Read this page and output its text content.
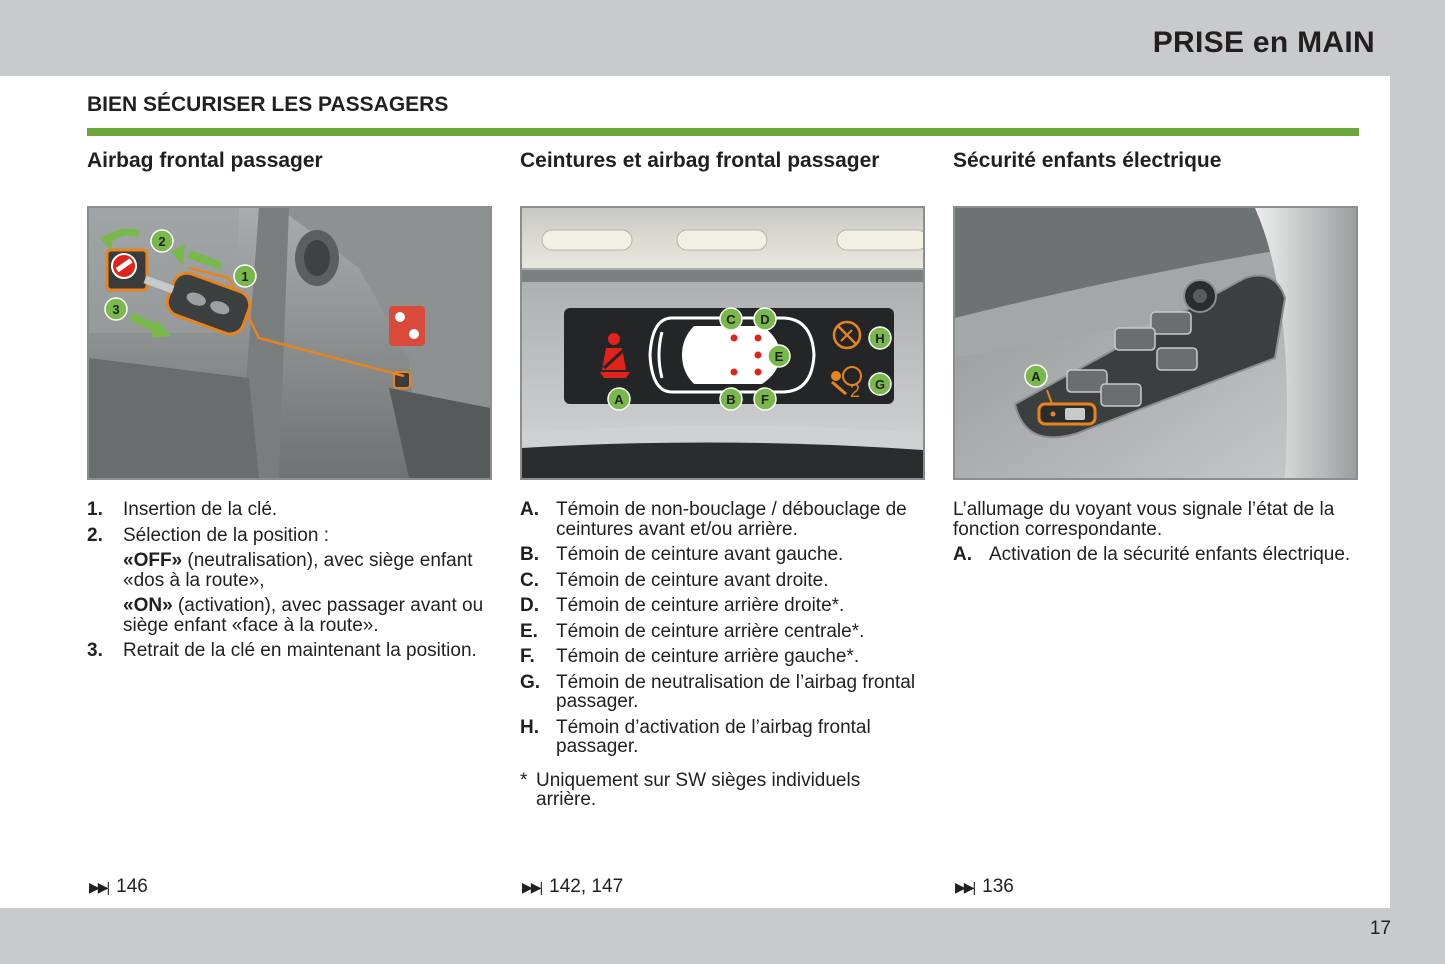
PRISE en MAIN
BIEN SÉCURISER LES PASSAGERS
Airbag frontal passager
1
2
3
1.	Insertion de la clé.
2.	Sélection de la position :
«OFF» (neutralisation), avec siège enfant «dos à la route»,
«ON» (activation), avec passager avant ou siège enfant «face à la route».
3.	Retrait de la clé en maintenant la position.
Ceintures et airbag frontal passager
2
A	B
C D
E
F
G
H
A. Témoin de non-bouclage / débouclage de ceintures avant et/ou arrière.
B. Témoin de ceinture avant gauche.
C. Témoin de ceinture avant droite.
D. Témoin de ceinture arrière droite*.
E. Témoin de ceinture arrière centrale*.
F.	Témoin de ceinture arrière gauche*.
G. Témoin de neutralisation de l’airbag frontal passager.
H. Témoin d’activation de l’airbag frontal passager.
* Uniquement sur SW sièges individuels arrière.
Sécurité enfants électrique
A
L’allumage du voyant vous signale l’état de la fonction correspondante.
A. Activation de la sécurité enfants électrique.
▶▶| 146	▶▶| 142, 147	▶▶| 136
17
